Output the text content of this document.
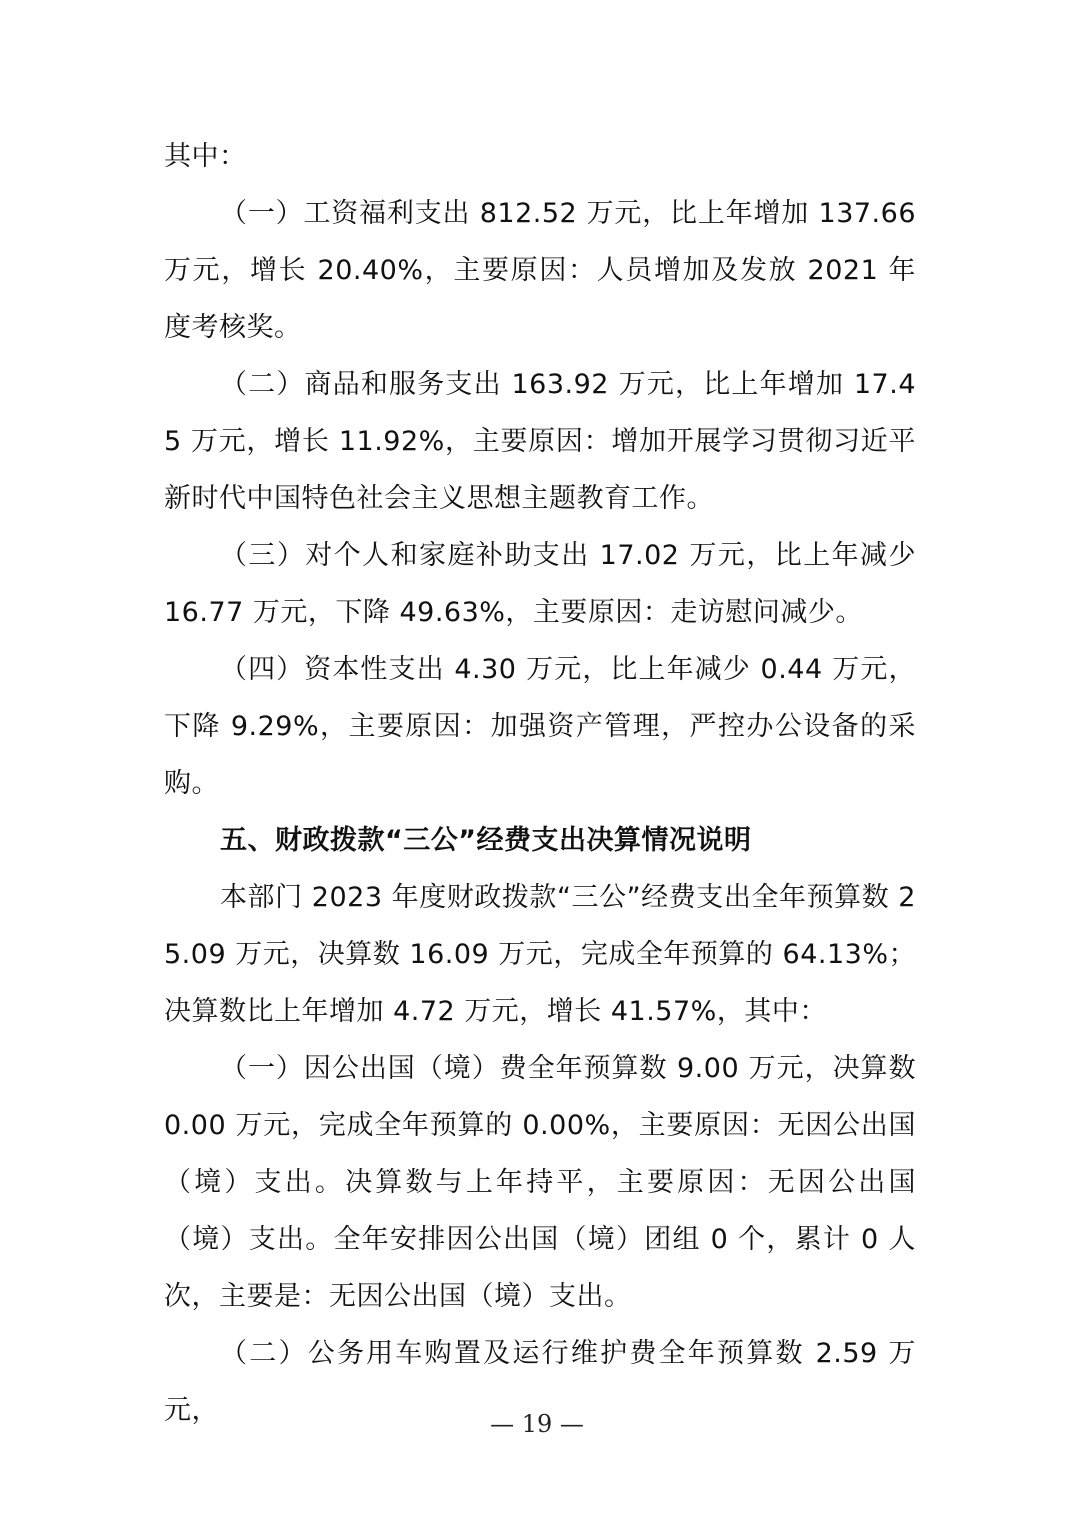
其中：

（一）工资福利支出 812.52 万元，比上年增加 137.66 万元，增长 20.40%，主要原因：人员增加及发放 2021 年度考核奖。

（二）商品和服务支出 163.92 万元，比上年增加 17.45 万元，增长 11.92%，主要原因：增加开展学习贯彻习近平新时代中国特色社会主义思想主题教育工作。

（三）对个人和家庭补助支出 17.02 万元，比上年减少 16.77 万元，下降 49.63%，主要原因：走访慰问减少。

（四）资本性支出 4.30 万元，比上年减少 0.44 万元，下降 9.29%，主要原因：加强资产管理，严控办公设备的采购。

五、财政拨款“三公”经费支出决算情况说明

本部门 2023 年度财政拨款“三公”经费支出全年预算数 25.09 万元，决算数 16.09 万元，完成全年预算的 64.13%；决算数比上年增加 4.72 万元，增长 41.57%，其中：

（一）因公出国（境）费全年预算数 9.00 万元，决算数 0.00 万元，完成全年预算的 0.00%，主要原因：无因公出国（境）支出。决算数与上年持平，主要原因：无因公出国（境）支出。全年安排因公出国（境）团组 0 个，累计 0 人次，主要是：无因公出国（境）支出。

（二）公务用车购置及运行维护费全年预算数 2.59 万元，	— 19 —
